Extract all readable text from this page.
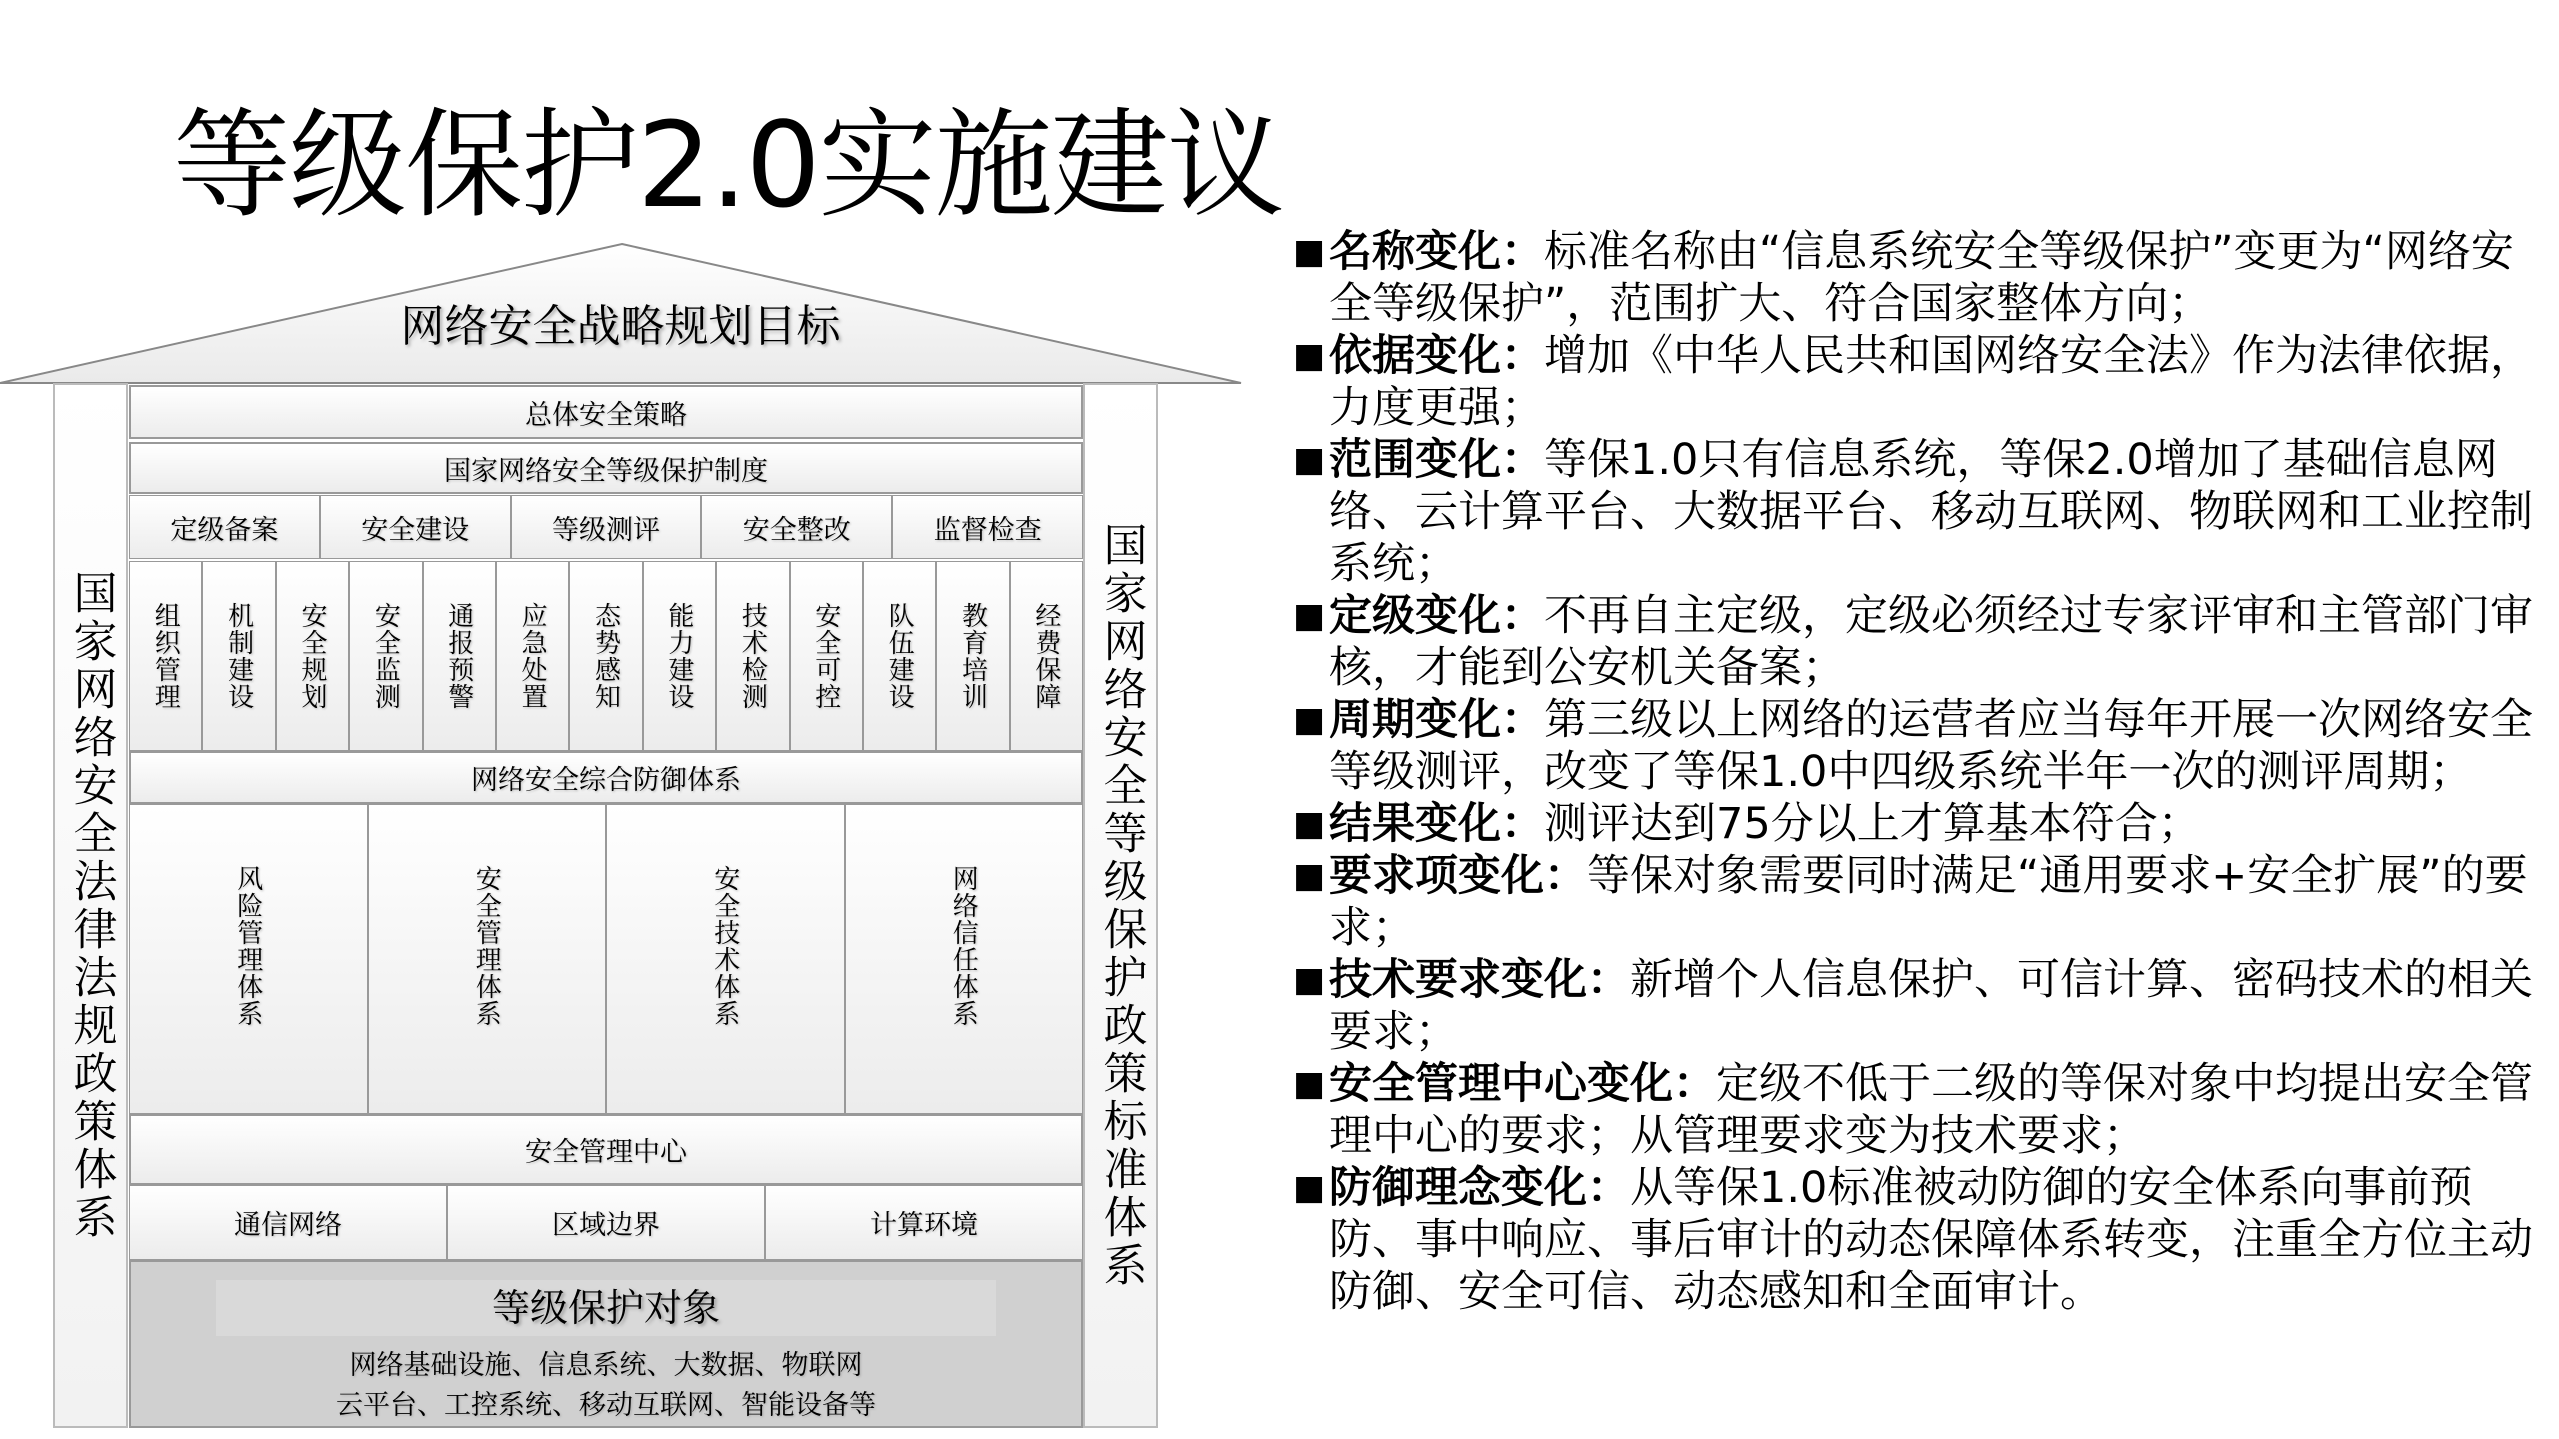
等级保护2.0实施建议
网络安全战略规划目标
国家网络安全法律法规政策体系	国家网络安全等级保护政策标准体系
总体安全策略
国家网络安全等级保护制度
定级备案	安全建设	等级测评	安全整改	监督检查
组织管理 机制建设 安全规划 安全监测 通报预警 应急处置 态势感知 能力建设 技术检测 安全可控 队伍建设 教育培训 经费保障
网络安全综合防御体系
风险管理体系	安全管理体系	安全技术体系	网络信任体系
安全管理中心
通信网络	区域边界	计算环境
等级保护对象
网络基础设施、信息系统、大数据、物联网
云平台、工控系统、移动互联网、智能设备等
■ 名称变化：标准名称由“信息系统安全等级保护”变更为“网络安全等级保护”，范围扩大、符合国家整体方向；
■ 依据变化：增加《中华人民共和国网络安全法》作为法律依据，力度更强；
■ 范围变化：等保1.0只有信息系统，等保2.0增加了基础信息网络、云计算平台、大数据平台、移动互联网、物联网和工业控制系统；
■ 定级变化：不再自主定级，定级必须经过专家评审和主管部门审核，才能到公安机关备案；
■ 周期变化：第三级以上网络的运营者应当每年开展一次网络安全等级测评，改变了等保1.0中四级系统半年一次的测评周期；
■ 结果变化：测评达到75分以上才算基本符合；
■ 要求项变化：等保对象需要同时满足“通用要求+安全扩展”的要求；
■ 技术要求变化：新增个人信息保护、可信计算、密码技术的相关要求；
■ 安全管理中心变化：定级不低于二级的等保对象中均提出安全管理中心的要求；从管理要求变为技术要求；
■ 防御理念变化：从等保1.0标准被动防御的安全体系向事前预防、事中响应、事后审计的动态保障体系转变，注重全方位主动防御、安全可信、动态感知和全面审计。
